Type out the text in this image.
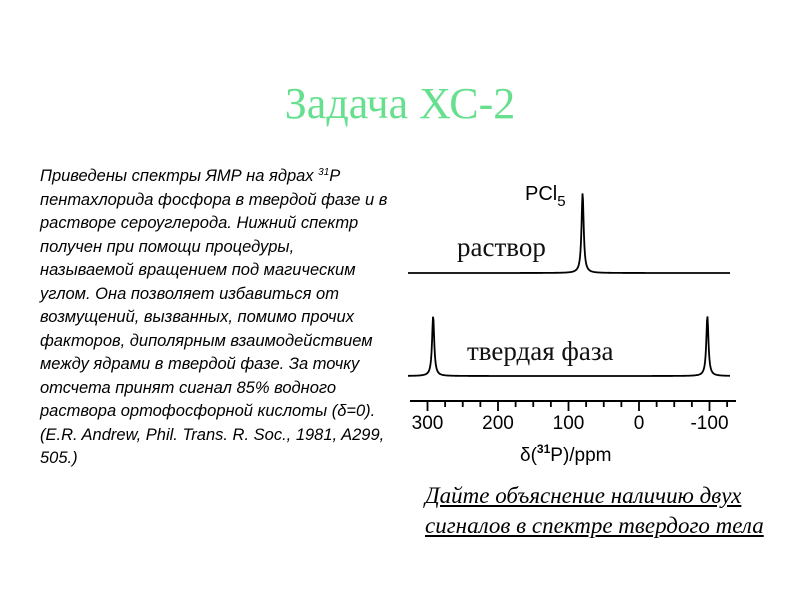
Задача ХС-2
Приведены спектры ЯМР на ядрах $^{31}$Р пентахлорида фосфора в твердой фазе и в растворе сероуглерода. Нижний спектр получен при помощи процедуры, называемой вращением под магическим углом. Она позволяет избавиться от возмущений, вызванных, помимо прочих факторов, диполярным взаимодействием между ядрами в твердой фазе. За точку отсчета принят сигнал 85% водного раствора ортофосфорной кислоты (δ=0). (E.R. Andrew, Phil. Trans. R. Soc., 1981, A299, 505.)
PCl$_5$
раствор
твердая фаза
300 200 100	0 -100
δ($^{31}$P)/ppm
Дайте объяснение наличию двух сигналов в спектре твердого тела
